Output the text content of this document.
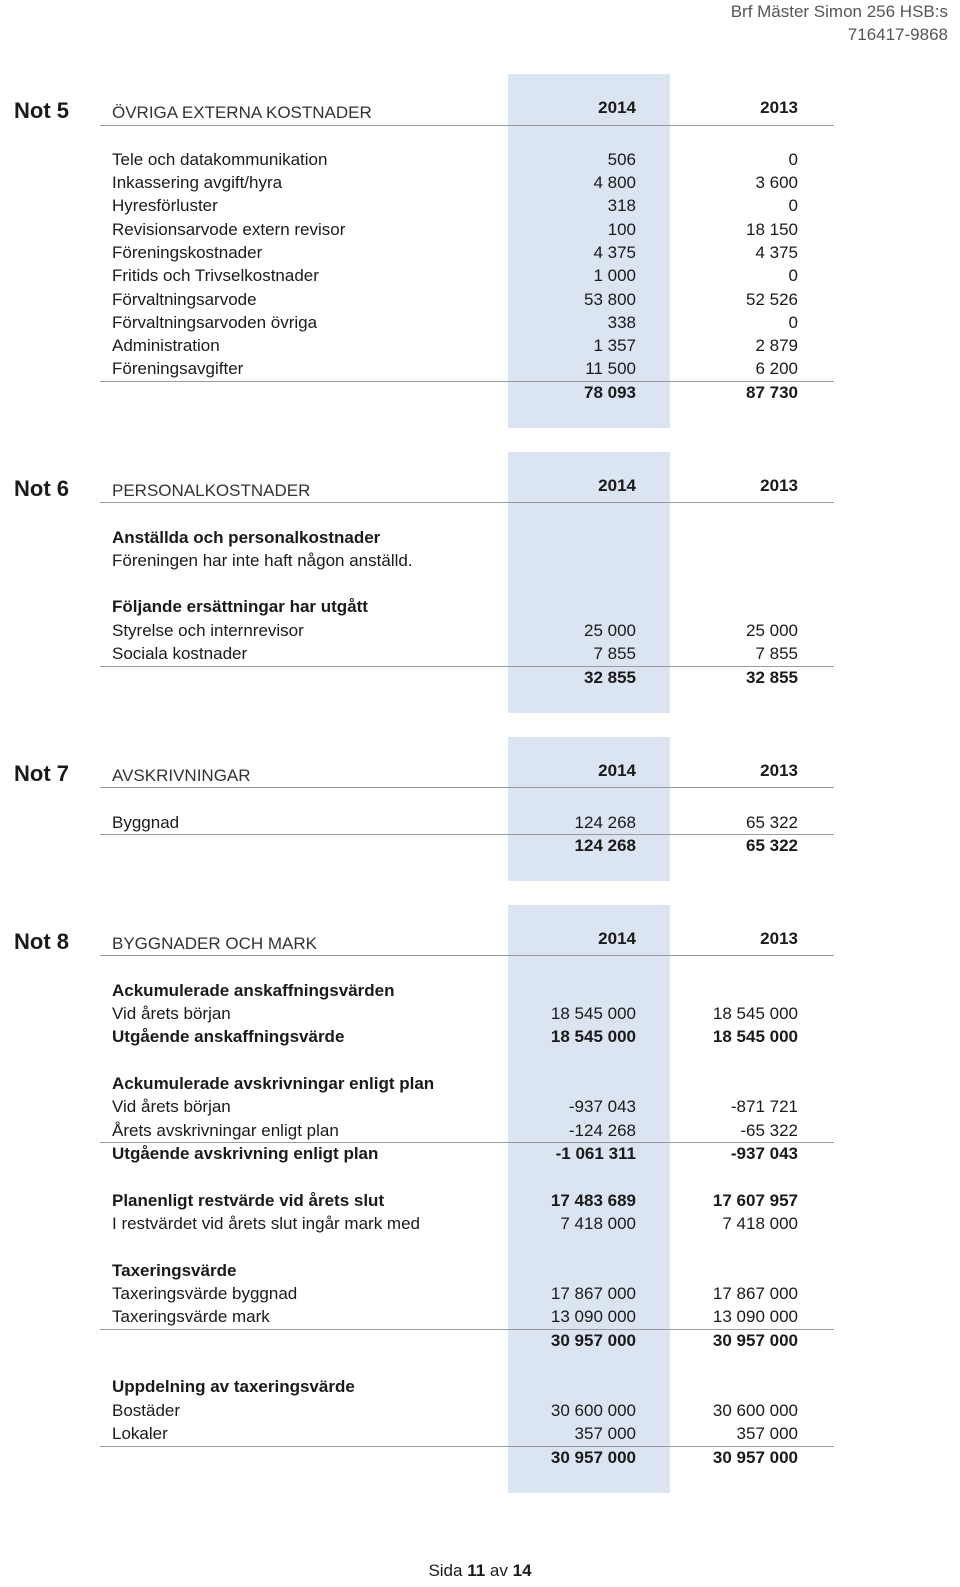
Brf Mäster Simon 256 HSB:s
716417-9868
Not 5	ÖVRIGA EXTERNA KOSTNADER	2014	2013
Tele och datakommunikation	506	0
Inkassering avgift/hyra	4 800	3 600
Hyresförluster	318	0
Revisionsarvode extern revisor	100	18 150
Föreningskostnader	4 375	4 375
Fritids och Trivselkostnader	1 000	0
Förvaltningsarvode	53 800	52 526
Förvaltningsarvoden övriga	338	0
Administration	1 357	2 879
Föreningsavgifter	11 500	6 200
78 093	87 730
Not 6	PERSONALKOSTNADER	2014	2013
Anställda och personalkostnader
Föreningen har inte haft någon anställd.
Följande ersättningar har utgått
Styrelse och internrevisor	25 000	25 000
Sociala kostnader	7 855	7 855
32 855	32 855
Not 7	AVSKRIVNINGAR	2014	2013
Byggnad	124 268	65 322
124 268	65 322
Not 8	BYGGNADER OCH MARK	2014	2013
Ackumulerade anskaffningsvärden
Vid årets början	18 545 000	18 545 000
Utgående anskaffningsvärde	18 545 000	18 545 000
Ackumulerade avskrivningar enligt plan
Vid årets början	-937 043	-871 721
Årets avskrivningar enligt plan	-124 268	-65 322
Utgående avskrivning enligt plan	-1 061 311	-937 043
Planenligt restvärde vid årets slut	17 483 689	17 607 957
I restvärdet vid årets slut ingår mark med	7 418 000	7 418 000
Taxeringsvärde
Taxeringsvärde byggnad	17 867 000	17 867 000
Taxeringsvärde mark	13 090 000	13 090 000
30 957 000	30 957 000
Uppdelning av taxeringsvärde
Bostäder	30 600 000	30 600 000
Lokaler	357 000	357 000
30 957 000	30 957 000
Sida 11 av 14
